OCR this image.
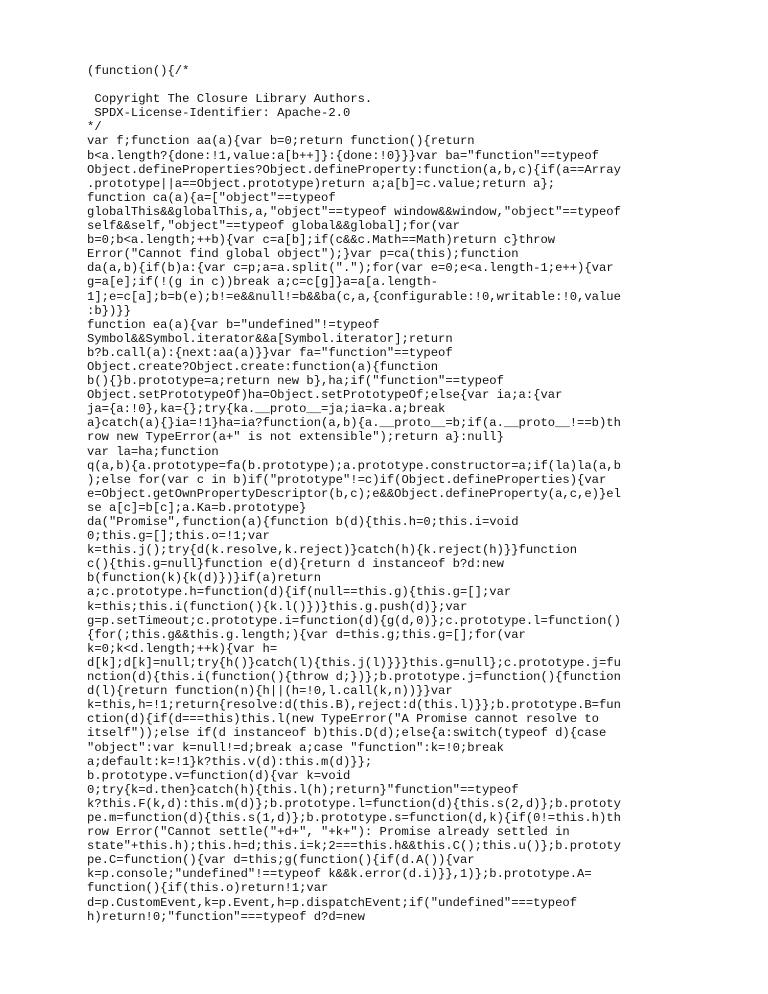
(function(){/*
Copyright The Closure Library Authors.
SPDX-License-Identifier: Apache-2.0
*/
var f;function aa(a){var b=0;return function(){return
b<a.length?{done:!1,value:a[b++]}:{done:!0}}}var ba="function"==typeof
Object.defineProperties?Object.defineProperty:function(a,b,c){if(a==Array
.prototype||a==Object.prototype)return a;a[b]=c.value;return a};
function ca(a){a=["object"==typeof
globalThis&&globalThis,a,"object"==typeof window&&window,"object"==typeof
self&&self,"object"==typeof global&&global];for(var
b=0;b<a.length;++b){var c=a[b];if(c&&c.Math==Math)return c}throw
Error("Cannot find global object");}var p=ca(this);function
da(a,b){if(b)a:{var c=p;a=a.split(".");for(var e=0;e<a.length-1;e++){var
g=a[e];if(!(g in c))break a;c=c[g]}a=a[a.length-
1];e=c[a];b=b(e);b!=e&&null!=b&&ba(c,a,{configurable:!0,writable:!0,value
:b})}}
function ea(a){var b="undefined"!=typeof
Symbol&&Symbol.iterator&&a[Symbol.iterator];return
b?b.call(a):{next:aa(a)}}var fa="function"==typeof
Object.create?Object.create:function(a){function
b(){}b.prototype=a;return new b},ha;if("function"==typeof
Object.setPrototypeOf)ha=Object.setPrototypeOf;else{var ia;a:{var
ja={a:!0},ka={};try{ka.__proto__=ja;ia=ka.a;break
a}catch(a){}ia=!1}ha=ia?function(a,b){a.__proto__=b;if(a.__proto__!==b)th
row new TypeError(a+" is not extensible");return a}:null}
var la=ha;function
q(a,b){a.prototype=fa(b.prototype);a.prototype.constructor=a;if(la)la(a,b
);else for(var c in b)if("prototype"!=c)if(Object.defineProperties){var
e=Object.getOwnPropertyDescriptor(b,c);e&&Object.defineProperty(a,c,e)}el
se a[c]=b[c];a.Ka=b.prototype}
da("Promise",function(a){function b(d){this.h=0;this.i=void
0;this.g=[];this.o=!1;var
k=this.j();try{d(k.resolve,k.reject)}catch(h){k.reject(h)}}function
c(){this.g=null}function e(d){return d instanceof b?d:new
b(function(k){k(d)})}if(a)return
a;c.prototype.h=function(d){if(null==this.g){this.g=[];var
k=this;this.i(function(){k.l()})}this.g.push(d)};var
g=p.setTimeout;c.prototype.i=function(d){g(d,0)};c.prototype.l=function()
{for(;this.g&&this.g.length;){var d=this.g;this.g=[];for(var
k=0;k<d.length;++k){var h=
d[k];d[k]=null;try{h()}catch(l){this.j(l)}}}this.g=null};c.prototype.j=fu
nction(d){this.i(function(){throw d;})};b.prototype.j=function(){function
d(l){return function(n){h||(h=!0,l.call(k,n))}}var
k=this,h=!1;return{resolve:d(this.B),reject:d(this.l)}};b.prototype.B=fun
ction(d){if(d===this)this.l(new TypeError("A Promise cannot resolve to
itself"));else if(d instanceof b)this.D(d);else{a:switch(typeof d){case
"object":var k=null!=d;break a;case "function":k=!0;break
a;default:k=!1}k?this.v(d):this.m(d)}};
b.prototype.v=function(d){var k=void
0;try{k=d.then}catch(h){this.l(h);return}"function"==typeof
k?this.F(k,d):this.m(d)};b.prototype.l=function(d){this.s(2,d)};b.prototy
pe.m=function(d){this.s(1,d)};b.prototype.s=function(d,k){if(0!=this.h)th
row Error("Cannot settle("+d+", "+k+"): Promise already settled in
state"+this.h);this.h=d;this.i=k;2===this.h&&this.C();this.u()};b.prototy
pe.C=function(){var d=this;g(function(){if(d.A()){var
k=p.console;"undefined"!==typeof k&&k.error(d.i)}},1)};b.prototype.A=
function(){if(this.o)return!1;var
d=p.CustomEvent,k=p.Event,h=p.dispatchEvent;if("undefined"===typeof
h)return!0;"function"===typeof d?d=new
